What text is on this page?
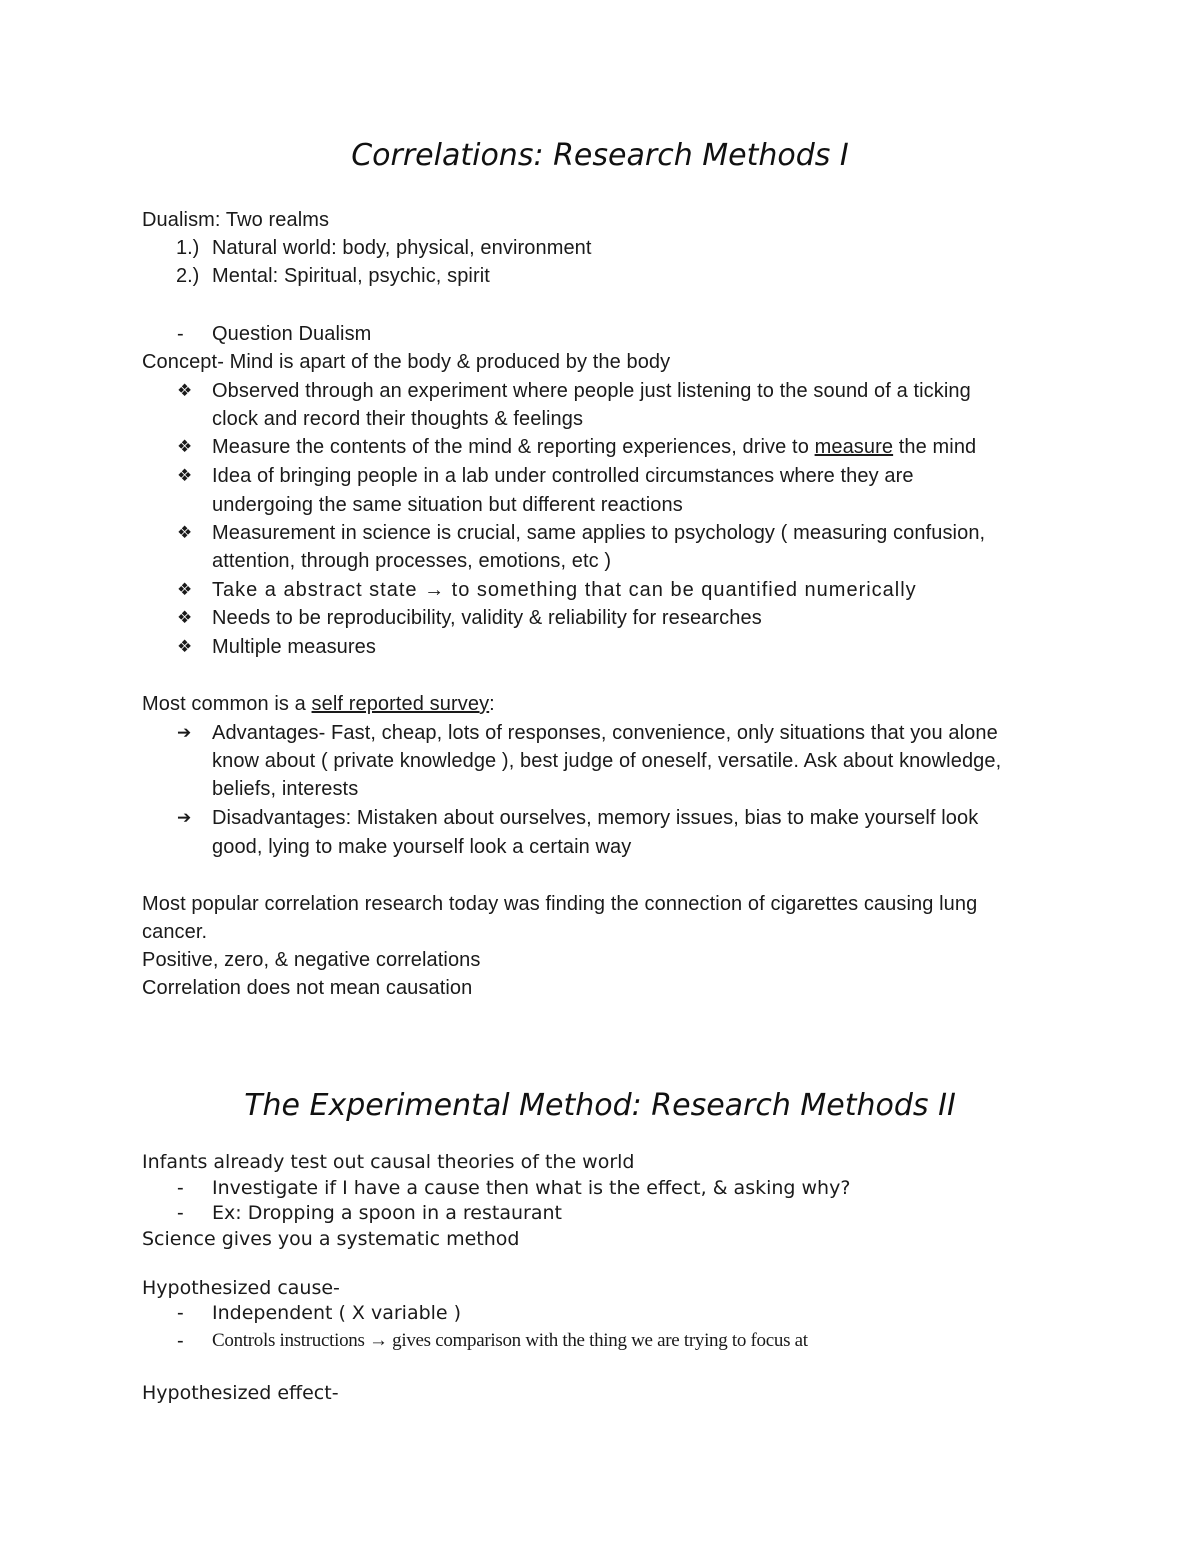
Correlations: Research Methods I
Dualism: Two realms
1.) Natural world: body, physical, environment
2.) Mental: Spiritual, psychic, spirit
- Question Dualism
Concept- Mind is apart of the body & produced by the body
❖ Observed through an experiment where people just listening to the sound of a ticking
clock and record their thoughts & feelings
❖ Measure the contents of the mind & reporting experiences, drive to measure the mind
❖ Idea of bringing people in a lab under controlled circumstances where they are
undergoing the same situation but different reactions
❖ Measurement in science is crucial, same applies to psychology ( measuring confusion,
attention, through processes, emotions, etc )
❖ Take a abstract state → to something that can be quantified numerically
❖ Needs to be reproducibility, validity & reliability for researches
❖ Multiple measures
Most common is a self reported survey:
➔ Advantages- Fast, cheap, lots of responses, convenience, only situations that you alone
know about ( private knowledge ), best judge of oneself, versatile. Ask about knowledge,
beliefs, interests
➔ Disadvantages: Mistaken about ourselves, memory issues, bias to make yourself look
good, lying to make yourself look a certain way
Most popular correlation research today was finding the connection of cigarettes causing lung
cancer.
Positive, zero, & negative correlations
Correlation does not mean causation
The Experimental Method: Research Methods II
Infants already test out causal theories of the world
- Investigate if I have a cause then what is the effect, & asking why?
- Ex: Dropping a spoon in a restaurant
Science gives you a systematic method
Hypothesized cause-
- Independent ( X variable )
- Controls instructions → gives comparison with the thing we are trying to focus at
Hypothesized effect-
